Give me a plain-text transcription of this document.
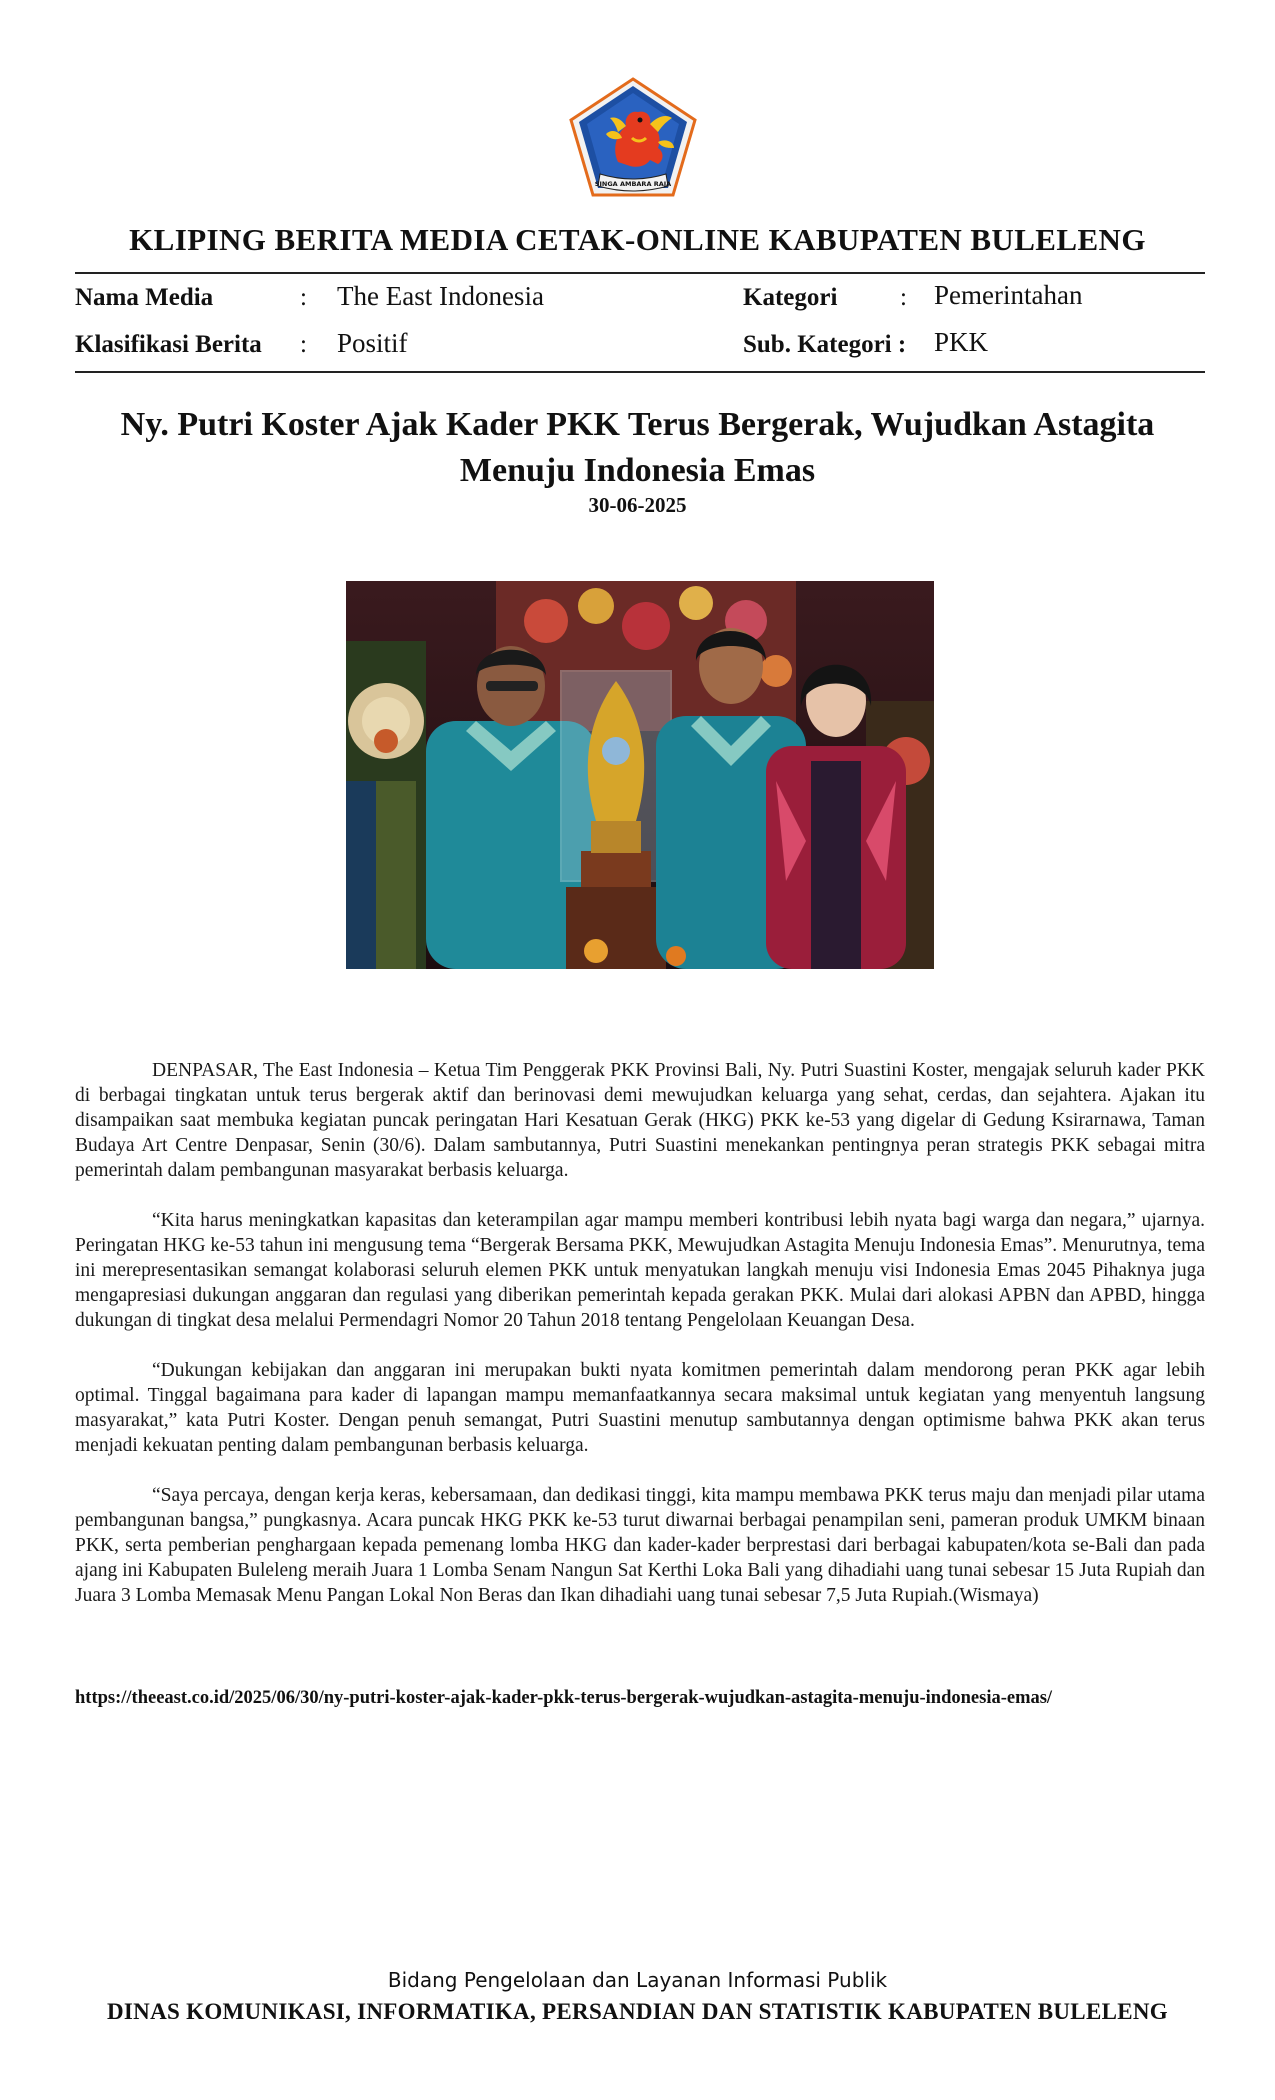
SINGA AMBARA RAJA
KLIPING BERITA MEDIA CETAK-ONLINE KABUPATEN BULELENG
Nama Media	: The East Indonesia
Klasifikasi Berita : Positif
Kategori	: Pemerintahan
Sub. Kategori : PKK
Ny. Putri Koster Ajak Kader PKK Terus Bergerak, Wujudkan Astagita Menuju Indonesia Emas
30-06-2025

DENPASAR, The East Indonesia – Ketua Tim Penggerak PKK Provinsi Bali, Ny. Putri Suastini Koster, mengajak seluruh kader PKK di berbagai tingkatan untuk terus bergerak aktif dan berinovasi demi mewujudkan keluarga yang sehat, cerdas, dan sejahtera. Ajakan itu disampaikan saat membuka kegiatan puncak peringatan Hari Kesatuan Gerak (HKG) PKK ke-53 yang digelar di Gedung Ksirarnawa, Taman Budaya Art Centre Denpasar, Senin (30/6). Dalam sambutannya, Putri Suastini menekankan pentingnya peran strategis PKK sebagai mitra pemerintah dalam pembangunan masyarakat berbasis keluarga.

“Kita harus meningkatkan kapasitas dan keterampilan agar mampu memberi kontribusi lebih nyata bagi warga dan negara,” ujarnya. Peringatan HKG ke-53 tahun ini mengusung tema “Bergerak Bersama PKK, Mewujudkan Astagita Menuju Indonesia Emas”. Menurutnya, tema ini merepresentasikan semangat kolaborasi seluruh elemen PKK untuk menyatukan langkah menuju visi Indonesia Emas 2045 Pihaknya juga mengapresiasi dukungan anggaran dan regulasi yang diberikan pemerintah kepada gerakan PKK. Mulai dari alokasi APBN dan APBD, hingga dukungan di tingkat desa melalui Permendagri Nomor 20 Tahun 2018 tentang Pengelolaan Keuangan Desa.

“Dukungan kebijakan dan anggaran ini merupakan bukti nyata komitmen pemerintah dalam mendorong peran PKK agar lebih optimal. Tinggal bagaimana para kader di lapangan mampu memanfaatkannya secara maksimal untuk kegiatan yang menyentuh langsung masyarakat,” kata Putri Koster. Dengan penuh semangat, Putri Suastini menutup sambutannya dengan optimisme bahwa PKK akan terus menjadi kekuatan penting dalam pembangunan berbasis keluarga.

“Saya percaya, dengan kerja keras, kebersamaan, dan dedikasi tinggi, kita mampu membawa PKK terus maju dan menjadi pilar utama pembangunan bangsa,” pungkasnya. Acara puncak HKG PKK ke-53 turut diwarnai berbagai penampilan seni, pameran produk UMKM binaan PKK, serta pemberian penghargaan kepada pemenang lomba HKG dan kader-kader berprestasi dari berbagai kabupaten/kota se-Bali dan pada ajang ini Kabupaten Buleleng meraih Juara 1 Lomba Senam Nangun Sat Kerthi Loka Bali yang dihadiahi uang tunai sebesar 15 Juta Rupiah dan Juara 3 Lomba Memasak Menu Pangan Lokal Non Beras dan Ikan dihadiahi uang tunai sebesar 7,5 Juta Rupiah.(Wismaya)

https://theeast.co.id/2025/06/30/ny-putri-koster-ajak-kader-pkk-terus-bergerak-wujudkan-astagita-menuju-indonesia-emas/
Bidang Pengelolaan dan Layanan Informasi Publik
DINAS KOMUNIKASI, INFORMATIKA, PERSANDIAN DAN STATISTIK KABUPATEN BULELENG
